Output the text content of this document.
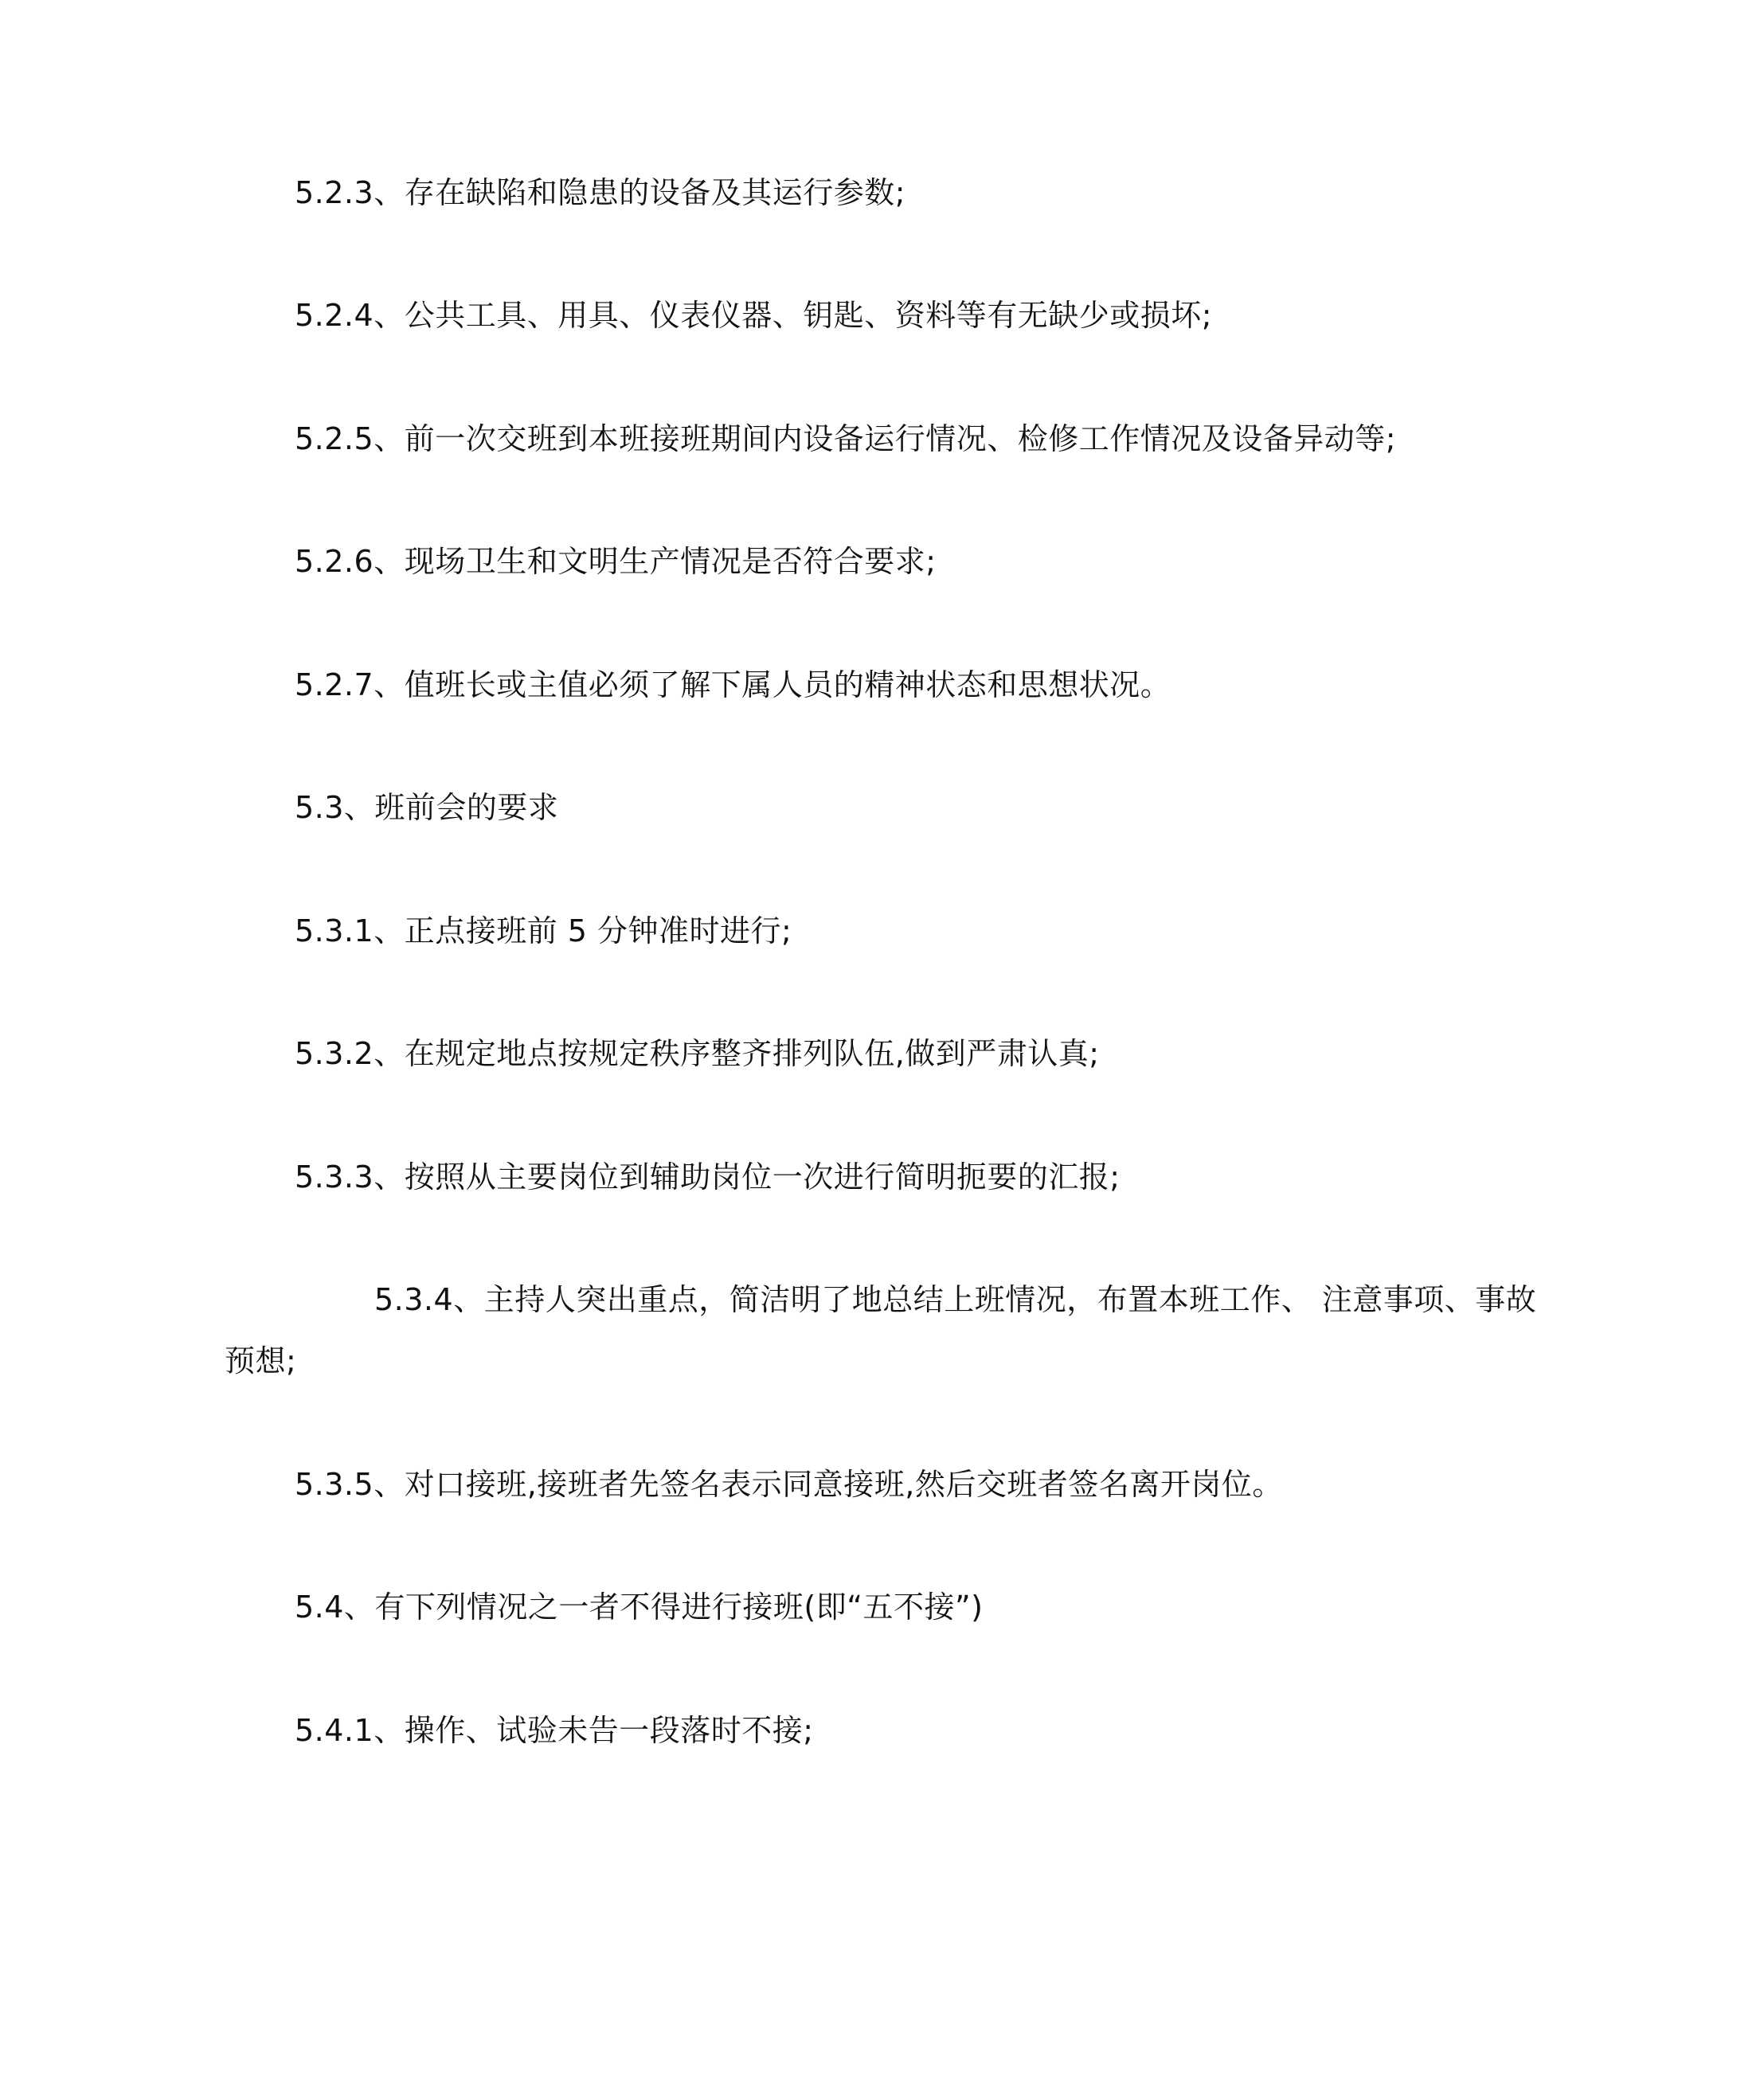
5.2.3、存在缺陷和隐患的设备及其运行参数;
5.2.4、公共工具、用具、仪表仪器、钥匙、资料等有无缺少或损坏;
5.2.5、前一次交班到本班接班期间内设备运行情况、检修工作情况及设备异动等;
5.2.6、现场卫生和文明生产情况是否符合要求;
5.2.7、值班长或主值必须了解下属人员的精神状态和思想状况。
5.3、班前会的要求
5.3.1、正点接班前 5 分钟准时进行;
5.3.2、在规定地点按规定秩序整齐排列队伍,做到严肃认真;
5.3.3、按照从主要岗位到辅助岗位一次进行简明扼要的汇报;
5.3.4、主持人突出重点，简洁明了地总结上班情况，布置本班工作、 注意事项、事故
预想;
5.3.5、对口接班,接班者先签名表示同意接班,然后交班者签名离开岗位。
5.4、有下列情况之一者不得进行接班(即“五不接”)
5.4.1、操作、试验未告一段落时不接;
